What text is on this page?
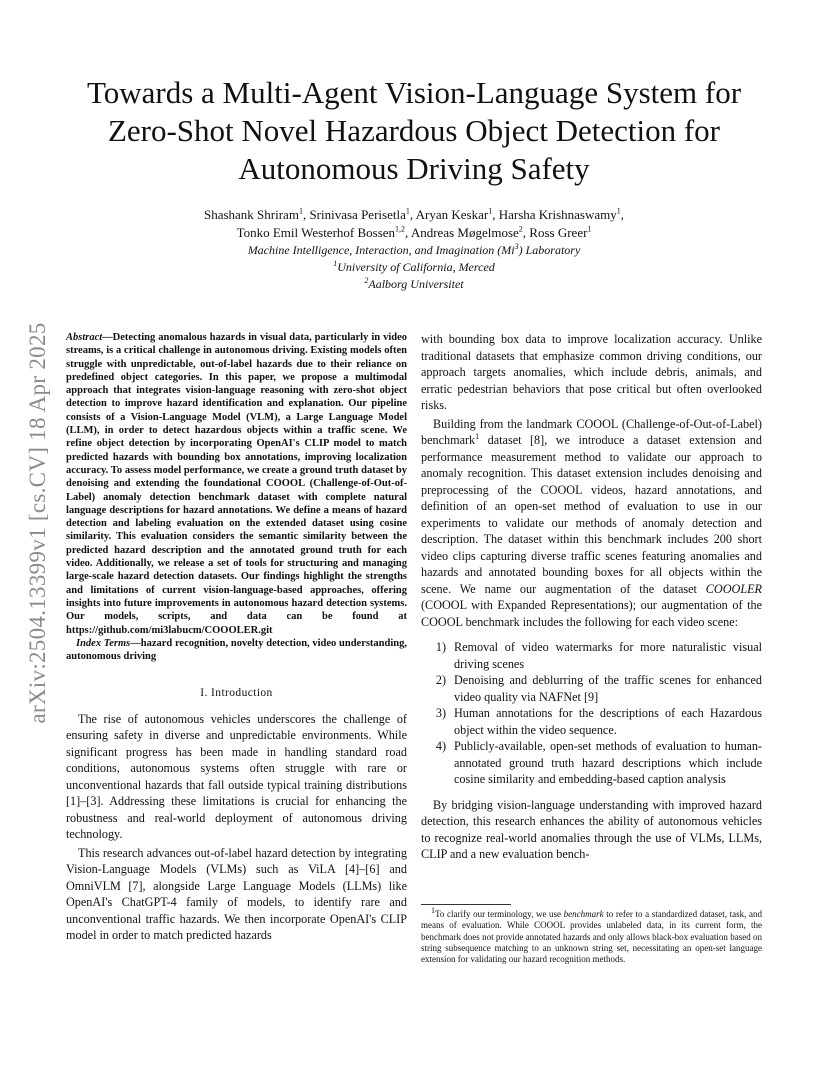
arXiv:2504.13399v1 [cs.CV] 18 Apr 2025
Towards a Multi-Agent Vision-Language System for Zero-Shot Novel Hazardous Object Detection for Autonomous Driving Safety
Shashank Shriram$^1$, Srinivasa Perisetla$^1$, Aryan Keskar$^1$, Harsha Krishnaswamy$^1$,
Tonko Emil Westerhof Bossen$^{1,2}$, Andreas Møgelmose$^2$, Ross Greer$^1$
Machine Intelligence, Interaction, and Imagination (Mi$^3$) Laboratory
$^1$University of California, Merced
$^2$Aalborg Universitet

Abstract—Detecting anomalous hazards in visual data, particularly in video streams, is a critical challenge in autonomous driving. Existing models often struggle with unpredictable, out-of-label hazards due to their reliance on predefined object categories. In this paper, we propose a multimodal approach that integrates vision-language reasoning with zero-shot object detection to improve hazard identification and explanation. Our pipeline consists of a Vision-Language Model (VLM), a Large Language Model (LLM), in order to detect hazardous objects within a traffic scene. We refine object detection by incorporating OpenAI's CLIP model to match predicted hazards with bounding box annotations, improving localization accuracy. To assess model performance, we create a ground truth dataset by denoising and extending the foundational COOOL (Challenge-of-Out-of-Label) anomaly detection benchmark dataset with complete natural language descriptions for hazard annotations. We define a means of hazard detection and labeling evaluation on the extended dataset using cosine similarity. This evaluation considers the semantic similarity between the predicted hazard description and the annotated ground truth for each video. Additionally, we release a set of tools for structuring and managing large-scale hazard detection datasets. Our findings highlight the strengths and limitations of current vision-language-based approaches, offering insights into future improvements in autonomous hazard detection systems. Our models, scripts, and data can be found at https://github.com/mi3labucm/COOOLER.git

Index Terms—hazard recognition, novelty detection, video understanding, autonomous driving

I. Introduction

The rise of autonomous vehicles underscores the challenge of ensuring safety in diverse and unpredictable environments. While significant progress has been made in handling standard road conditions, autonomous systems often struggle with rare or unconventional hazards that fall outside typical training distributions [1]–[3]. Addressing these limitations is crucial for enhancing the robustness and real-world deployment of autonomous driving technology.

This research advances out-of-label hazard detection by integrating Vision-Language Models (VLMs) such as ViLA [4]–[6] and OmniVLM [7], alongside Large Language Models (LLMs) like OpenAI's ChatGPT-4 family of models, to identify rare and unconventional traffic hazards. We then incorporate OpenAI's CLIP model in order to match predicted hazards

with bounding box data to improve localization accuracy. Unlike traditional datasets that emphasize common driving conditions, our approach targets anomalies, which include debris, animals, and erratic pedestrian behaviors that pose critical but often overlooked risks.

Building from the landmark COOOL (Challenge-of-Out-of-Label) benchmark$^1$ dataset [8], we introduce a dataset extension and performance measurement method to validate our approach to anomaly recognition. This dataset extension includes denoising and preprocessing of the COOOL videos, hazard annotations, and definition of an open-set method of evaluation to use in our experiments to validate our methods of anomaly detection and description. The dataset within this benchmark includes 200 short video clips capturing diverse traffic scenes featuring anomalies and hazards and annotated bounding boxes for all objects within the scene. We name our augmentation of the dataset COOOLER (COOOL with Expanded Representations); our augmentation of the COOOL benchmark includes the following for each video scene:

1) Removal of video watermarks for more naturalistic visual driving scenes
2) Denoising and deblurring of the traffic scenes for enhanced video quality via NAFNet [9]
3) Human annotations for the descriptions of each Hazardous object within the video sequence.
4) Publicly-available, open-set methods of evaluation to human-annotated ground truth hazard descriptions which include cosine similarity and embedding-based caption analysis

By bridging vision-language understanding with improved hazard detection, this research enhances the ability of autonomous vehicles to recognize real-world anomalies through the use of VLMs, LLMs, CLIP and a new evaluation bench-

$^1$To clarify our terminology, we use benchmark to refer to a standardized dataset, task, and means of evaluation. While COOOL provides unlabeled data, in its current form, the benchmark does not provide annotated hazards and only allows black-box evaluation based on string subsequence matching to an unknown string set, necessitating an open-set language extension for validating our hazard recognition methods.
